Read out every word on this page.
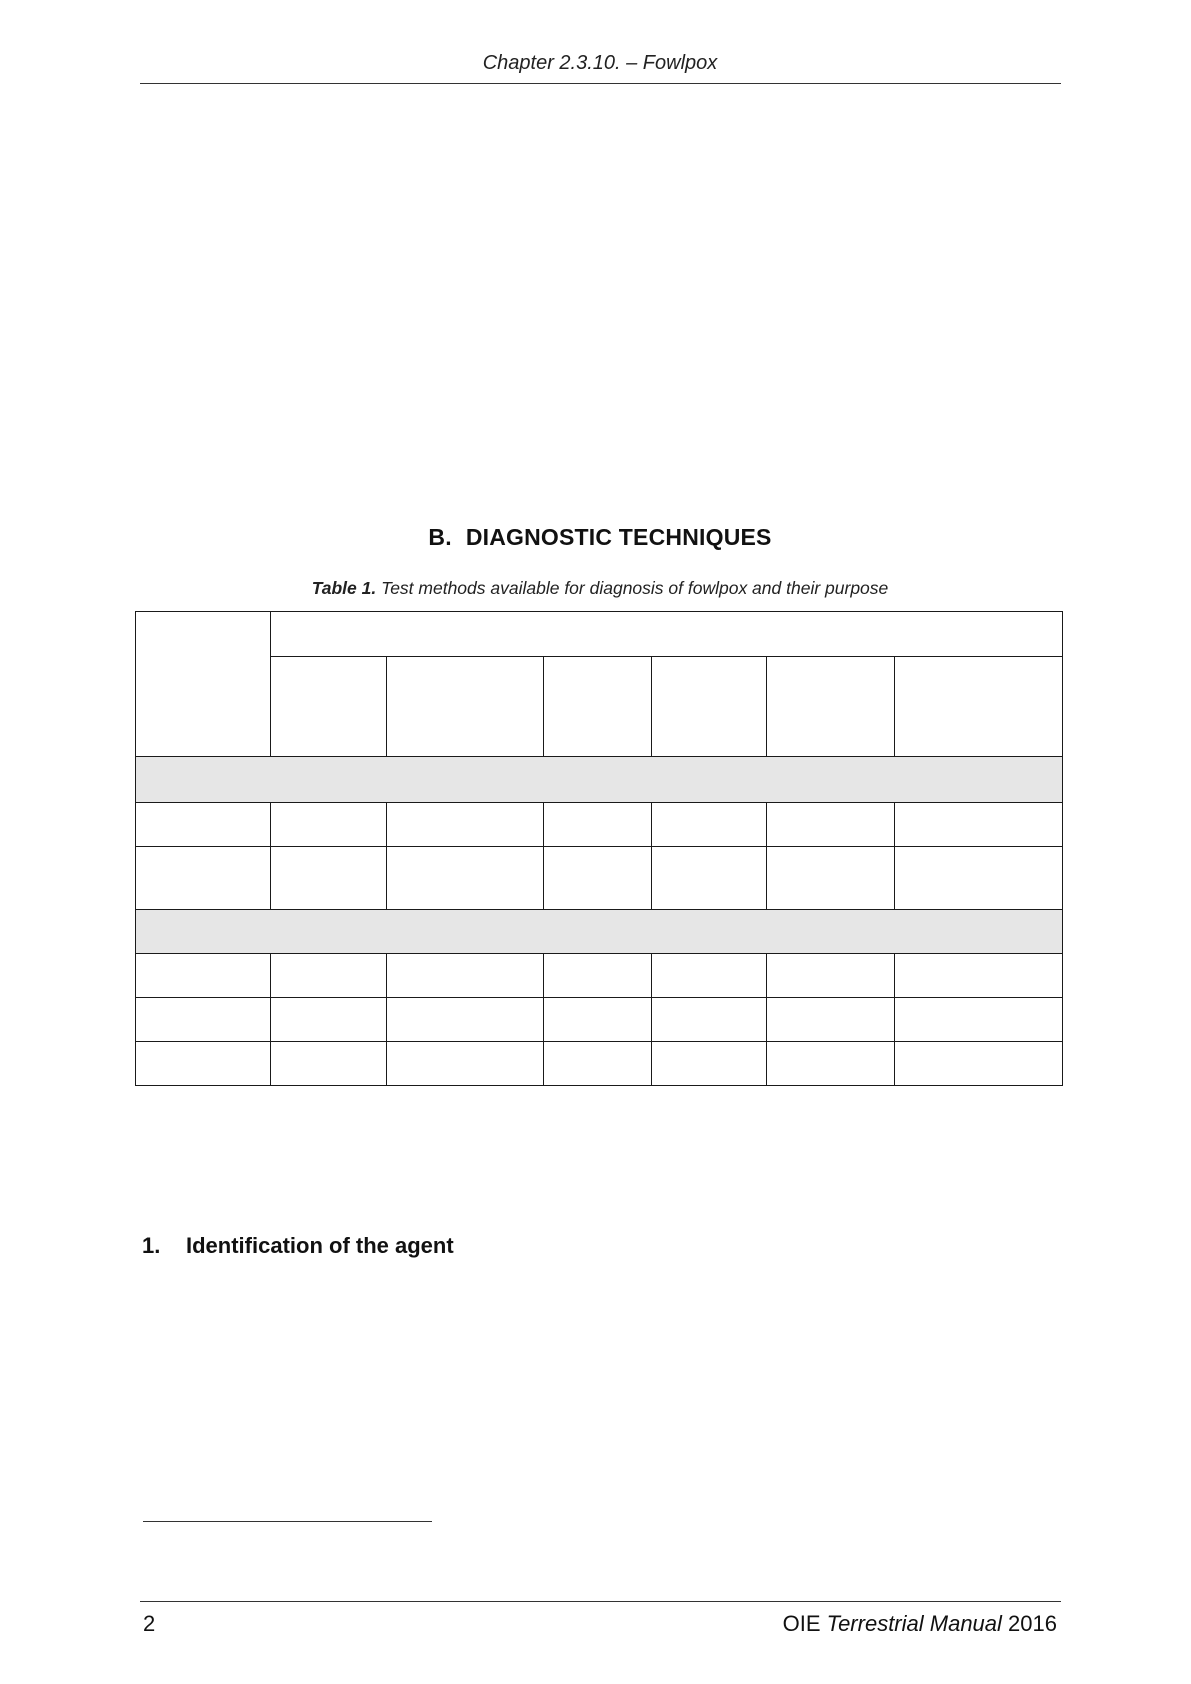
Chapter 2.3.10. – Fowlpox
B. DIAGNOSTIC TECHNIQUES
Table 1. Test methods available for diagnosis of fowlpox and their purpose

1. Identification of the agent
2	OIE Terrestrial Manual 2016
